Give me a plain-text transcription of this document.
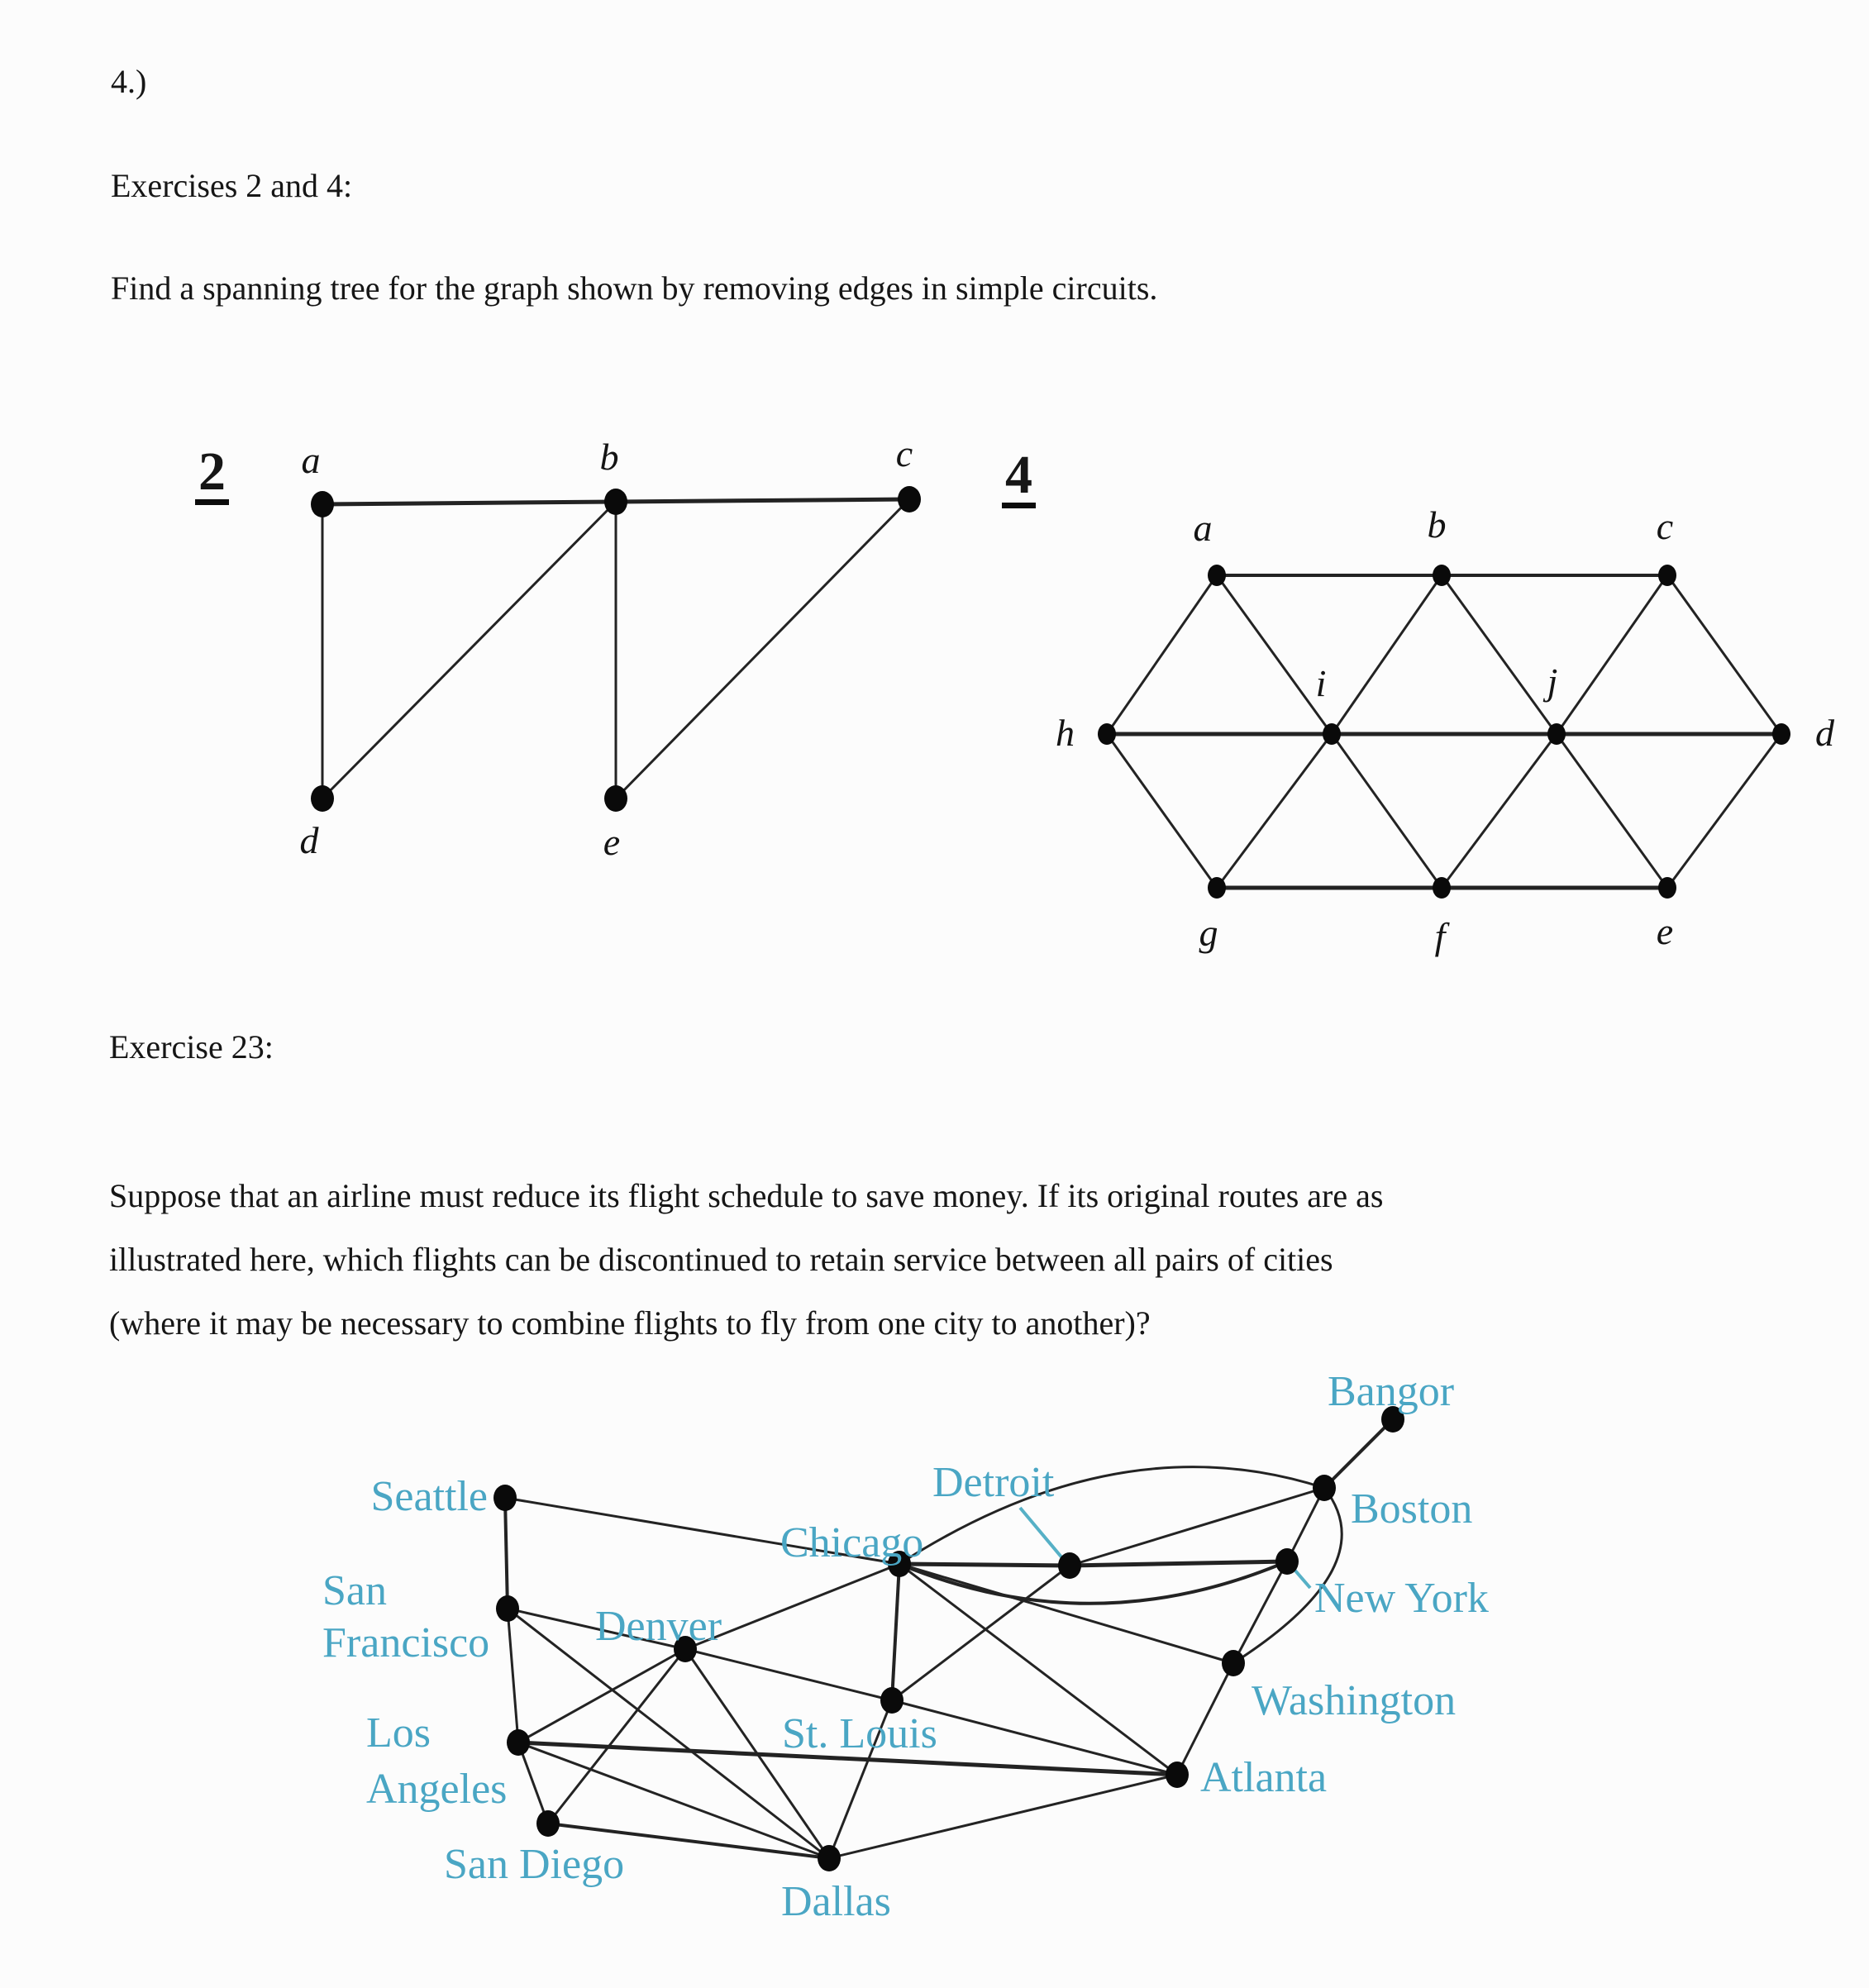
4.)
Exercises 2 and 4:
Find a spanning tree for the graph shown by removing edges in simple circuits.
2	4
Exercise 23:
Suppose that an airline must reduce its flight schedule to save money. If its original routes are as
illustrated here, which flights can be discontinued to retain service between all pairs of cities
(where it may be necessary to combine flights to fly from one city to another)?
a	b	c
d	e
a	b	c
h
i	j
d
g	f	e
Seattle
San
Francisco
Los
Angeles
San Diego
Denver
Dallas
St. Louis
Chicago
Detroit
Atlanta
Washington
New York
Boston
Bangor
